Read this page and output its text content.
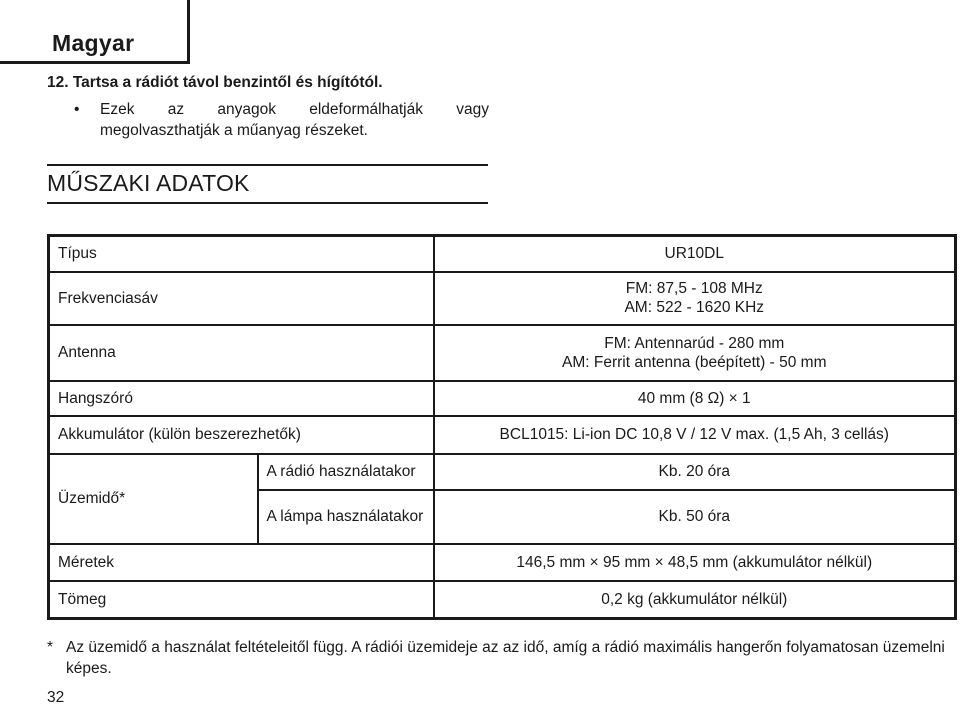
Magyar
12. Tartsa a rádiót távol benzintől és hígítótól.
• Ezek az anyagok eldeformálhatják vagy megolvaszthatják a műanyag részeket.
MŰSZAKI ADATOK
Típus		UR10DL
Frekvenciasáv		FM: 87,5 - 108 MHz
AM: 522 - 1620 KHz

Antenna		FM: Antennarúd - 280 mm
AM: Ferrit antenna (beépített) - 50 mm

Hangszóró		40 mm (8 Ω) × 1
Akkumulátor (külön beszerezhetők)		BCL1015: Li-ion DC 10,8 V / 12 V max. (1,5 Ah, 3 cellás)
Üzemidő*	A rádió használatakor	Kb. 20 óra
	A lámpa használatakor	Kb. 50 óra
Méretek		146,5 mm × 95 mm × 48,5 mm (akkumulátor nélkül)
Tömeg		0,2 kg (akkumulátor nélkül)
* Az üzemidő a használat feltételeitől függ. A rádiói üzemideje az az idő, amíg a rádió maximális hangerőn folyamatosan üzemelni képes.
32
